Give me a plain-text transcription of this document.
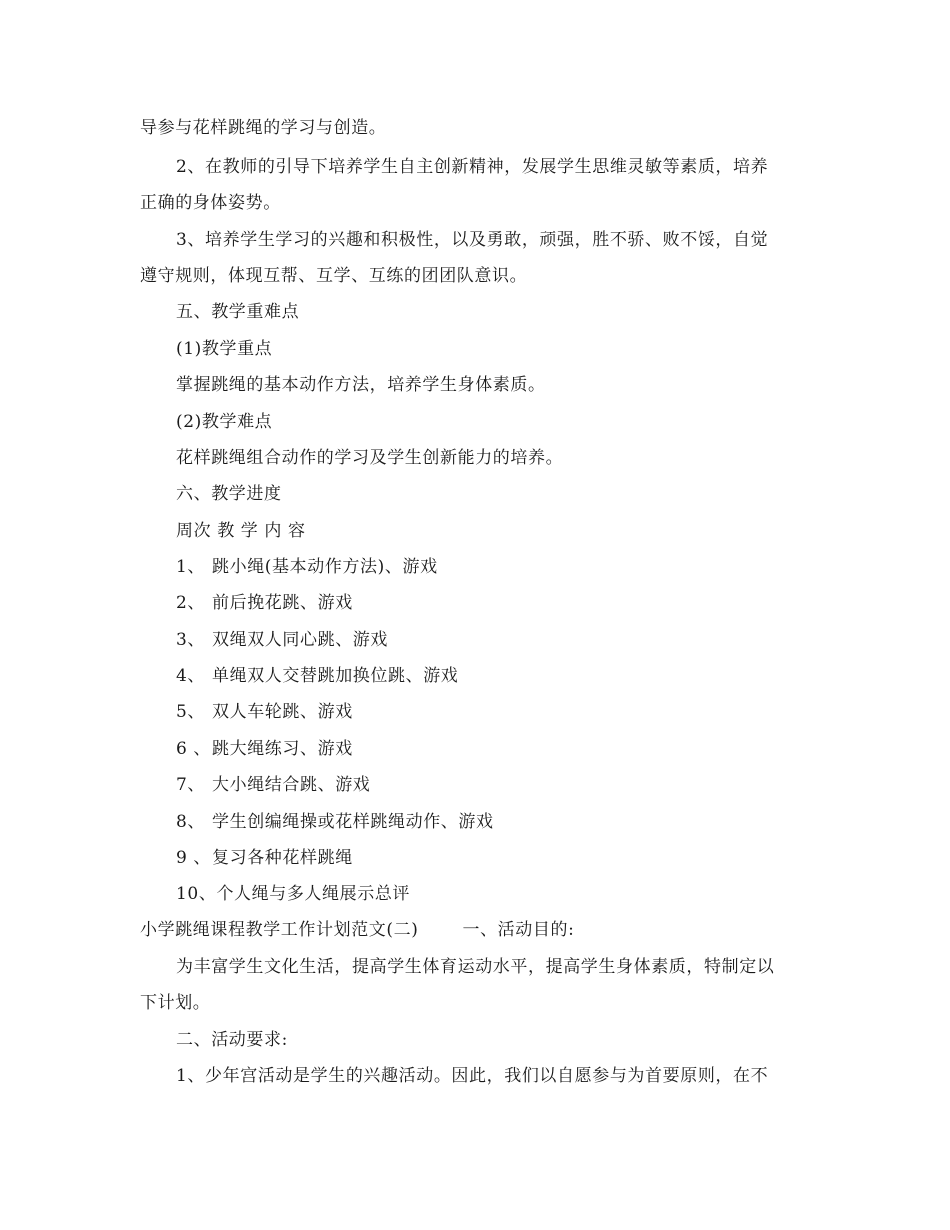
导参与花样跳绳的学习与创造。
2、在教师的引导下培养学生自主创新精神，发展学生思维灵敏等素质，培养
正确的身体姿势。
3、培养学生学习的兴趣和积极性，以及勇敢，顽强，胜不骄、败不馁，自觉
遵守规则，体现互帮、互学、互练的团团队意识。
五、教学重难点
(1)教学重点
掌握跳绳的基本动作方法，培养学生身体素质。
(2)教学难点
花样跳绳组合动作的学习及学生创新能力的培养。
六、教学进度
周次 教 学 内 容
1、 跳小绳(基本动作方法)、游戏
2、 前后挽花跳、游戏
3、 双绳双人同心跳、游戏
4、 单绳双人交替跳加换位跳、游戏
5、 双人车轮跳、游戏
6 、跳大绳练习、游戏
7、 大小绳结合跳、游戏
8、 学生创编绳操或花样跳绳动作、游戏
9 、复习各种花样跳绳
10、个人绳与多人绳展示总评
小学跳绳课程教学工作计划范文(二)	一、活动目的:
为丰富学生文化生活，提高学生体育运动水平，提高学生身体素质，特制定以
下计划。
二、活动要求:
1、少年宫活动是学生的兴趣活动。因此，我们以自愿参与为首要原则，在不
